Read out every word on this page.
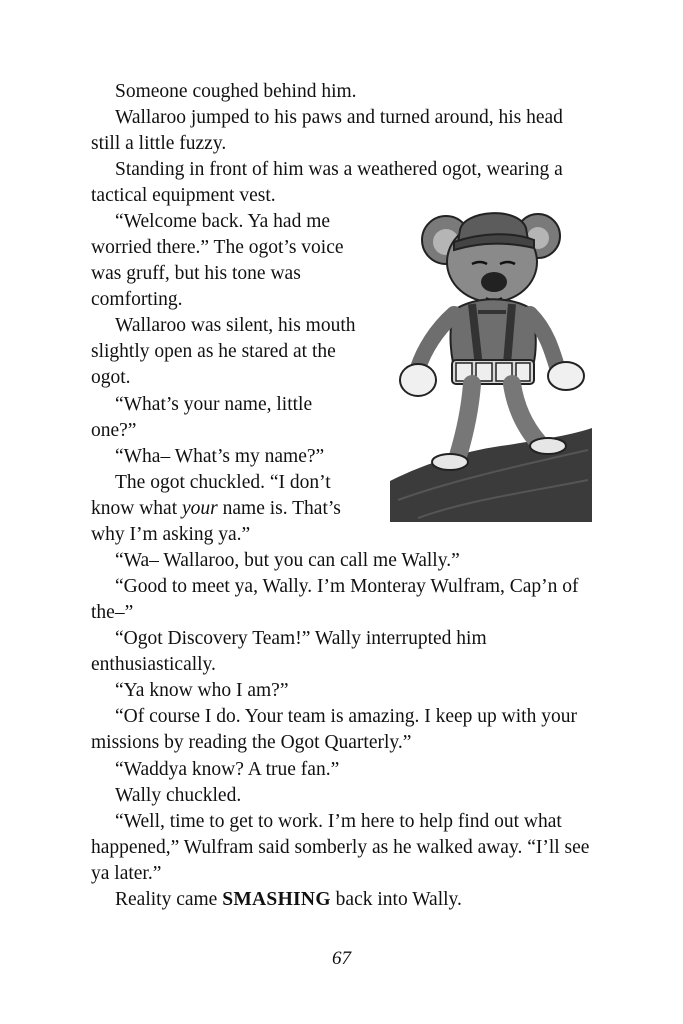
Someone coughed behind him.
Wallaroo jumped to his paws and turned around, his head
still a little fuzzy.
Standing in front of him was a weathered ogot, wearing a
tactical equipment vest.
“Welcome back. Ya had me
worried there.” The ogot’s voice
was gruff, but his tone was
comforting.
Wallaroo was silent, his mouth
slightly open as he stared at the
ogot.
“What’s your name, little
one?”
“Wha– What’s my name?”
The ogot chuckled. “I don’t
know what your name is. That’s
why I’m asking ya.”
“Wa– Wallaroo, but you can call me Wally.”
“Good to meet ya, Wally. I’m Monteray Wulfram, Cap’n of
the–”
“Ogot Discovery Team!” Wally interrupted him
enthusiastically.
“Ya know who I am?”
“Of course I do. Your team is amazing. I keep up with your
missions by reading the Ogot Quarterly.”
“Waddya know? A true fan.”
Wally chuckled.
“Well, time to get to work. I’m here to help find out what
happened,” Wulfram said somberly as he walked away. “I’ll see
ya later.”
Reality came SMASHING back into Wally.
67
